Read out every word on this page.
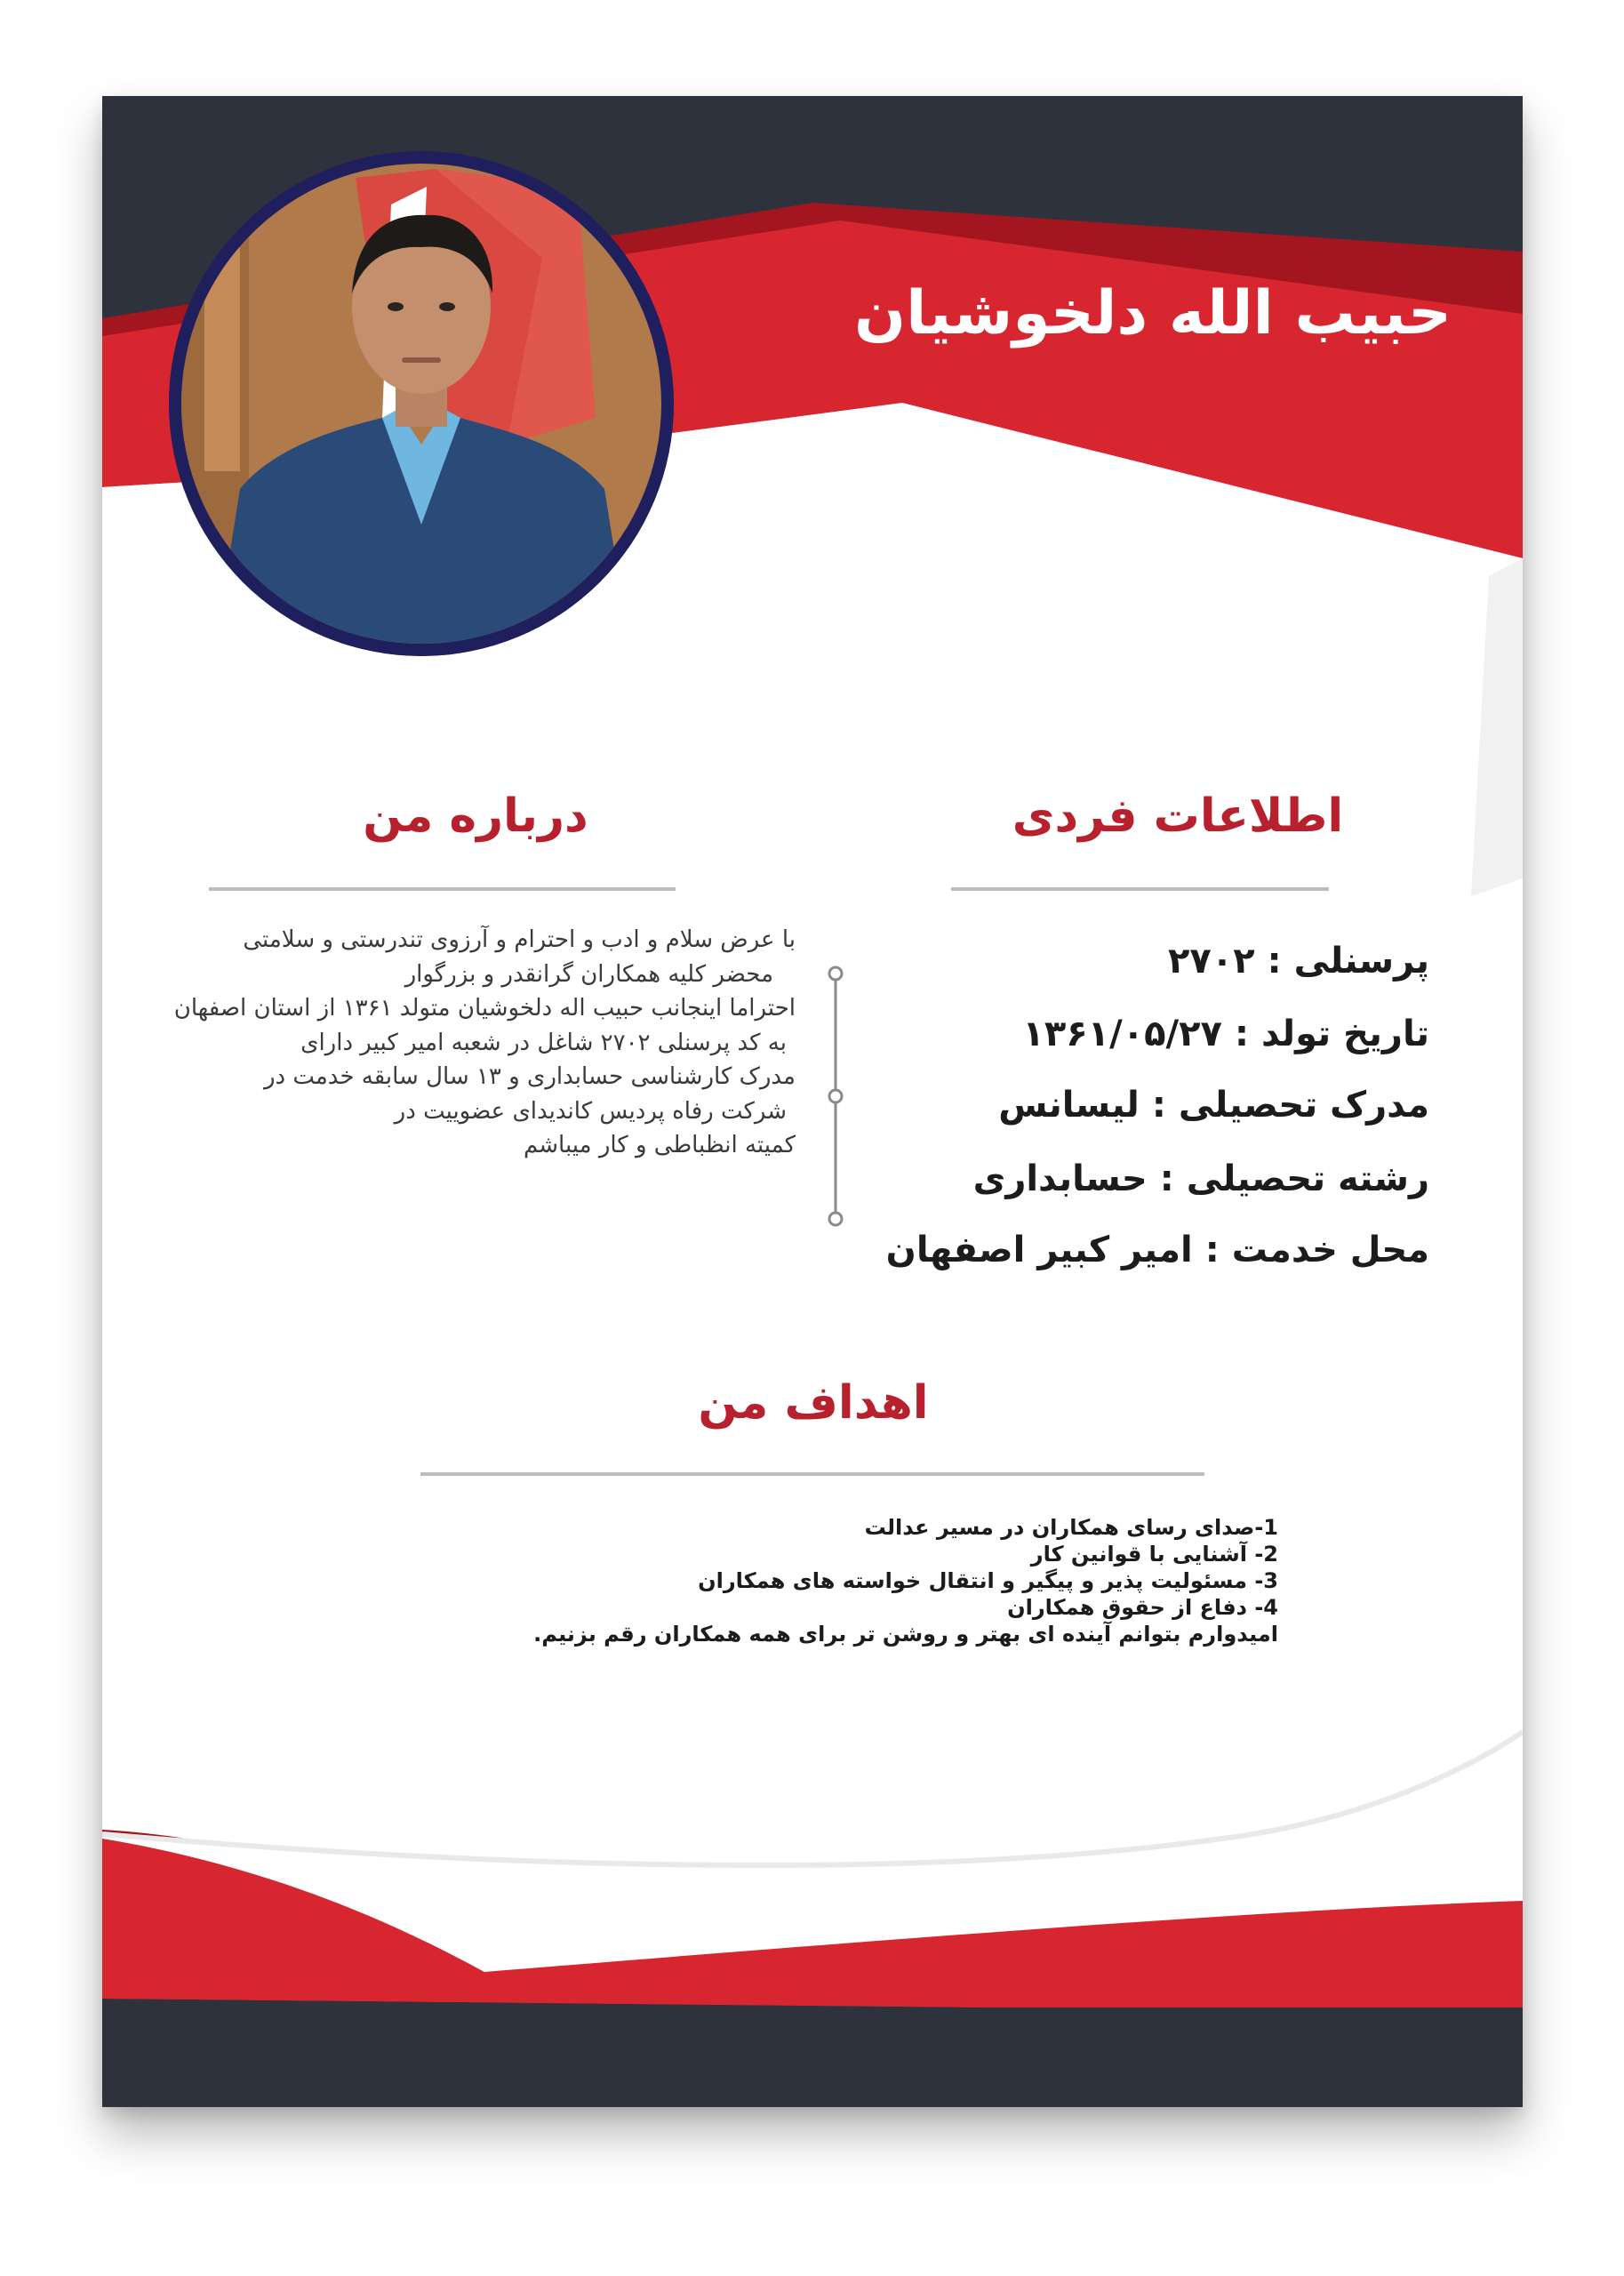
حبیب الله دلخوشیان
اطلاعات فردی
پرسنلی:۲۷۰۲
تاریخ تولد:۱۳۶۱/۰۵/۲۷
مدرک تحصیلی:لیسانس
رشته تحصیلی:حسابداری
محل خدمت:امیر کبیر اصفهان
درباره من

با عرض سلام و ادب و احترام و آرزوی تندرستی و سلامتی

محضر کلیه همکاران گرانقدر و بزرگوار

احتراما اینجانب حبیب اله دلخوشیان متولد ۱۳۶۱ از استان اصفهان

به کد پرسنلی ۲۷۰۲ شاغل در شعبه امیر کبیر دارای

مدرک کارشناسی حسابداری و ۱۳ سال سابقه خدمت در

شرکت رفاه پردیس کاندیدای عضوییت در

کمیته انظباطی و کار میباشم

اهداف من

1-صدای رسای همکاران در مسیر عدالت

2- آشنایی با قوانین کار

3- مسئولیت پذیر و پیگیر و انتقال خواسته های همکاران

4- دفاع از حقوق همکاران

امیدوارم بتوانم آینده ای بهتر و روشن تر برای همه همکاران رقم بزنیم.
